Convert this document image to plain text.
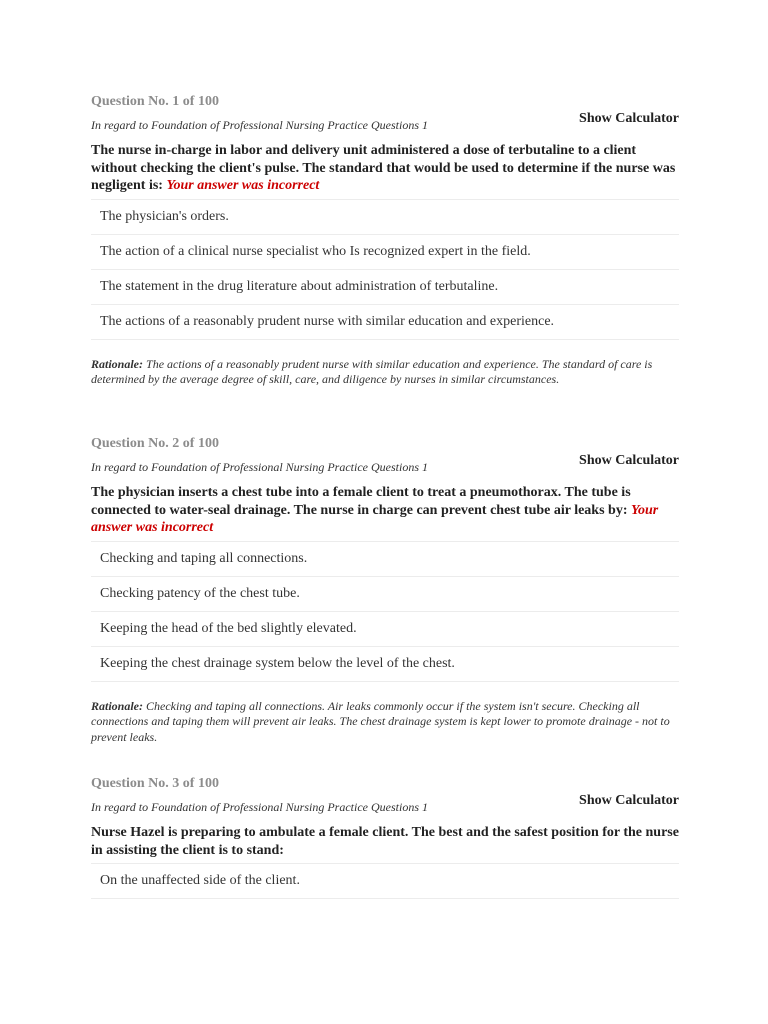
Question No. 1 of 100
Show Calculator
In regard to Foundation of Professional Nursing Practice Questions 1
The nurse in-charge in labor and delivery unit administered a dose of terbutaline to a client without checking the client's pulse. The standard that would be used to determine if the nurse was negligent is: Your answer was incorrect
The physician's orders.
The action of a clinical nurse specialist who Is recognized expert in the field.
The statement in the drug literature about administration of terbutaline.
The actions of a reasonably prudent nurse with similar education and experience.
Rationale: The actions of a reasonably prudent nurse with similar education and experience. The standard of care is determined by the average degree of skill, care, and diligence by nurses in similar circumstances.
Question No. 2 of 100
Show Calculator
In regard to Foundation of Professional Nursing Practice Questions 1
The physician inserts a chest tube into a female client to treat a pneumothorax. The tube is connected to water-seal drainage. The nurse in charge can prevent chest tube air leaks by: Your answer was incorrect
Checking and taping all connections.
Checking patency of the chest tube.
Keeping the head of the bed slightly elevated.
Keeping the chest drainage system below the level of the chest.
Rationale: Checking and taping all connections. Air leaks commonly occur if the system isn't secure. Checking all connections and taping them will prevent air leaks. The chest drainage system is kept lower to promote drainage - not to prevent leaks.
Question No. 3 of 100
Show Calculator
In regard to Foundation of Professional Nursing Practice Questions 1
Nurse Hazel is preparing to ambulate a female client. The best and the safest position for the nurse in assisting the client is to stand:
On the unaffected side of the client.
